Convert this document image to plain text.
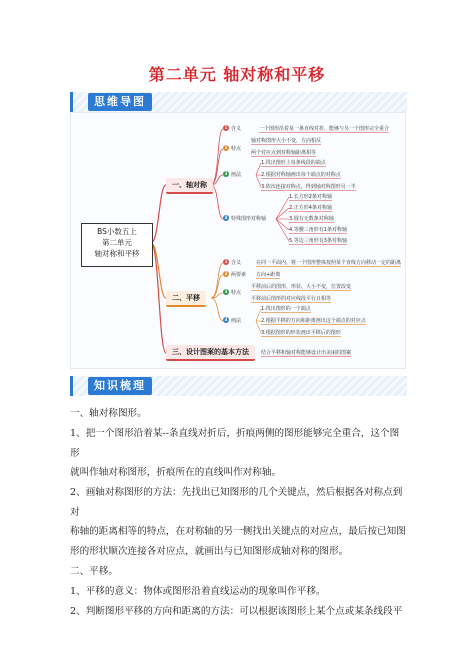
第二单元 轴对称和平移
思维导图
BS小数五上
第二单元
轴对称和平移
一、轴对称
1 含义	一个图形沿着某一条直线对折，能够与另一个图形完全重合
2 特点
轴对称图形大小不变，方向相反
两个对应点到对称轴距离相等
3 画法
1.找出图形上每条线段的端点
2.根据对称轴画出每个端点的对称点
3.依次连接对称点，得到轴对称图形另一半
4 特殊图形对称轴
1.长方形2条对称轴
2.正方形4条对称轴
3.圆有无数条对称轴
4.等腰三角形有1条对称轴
5.等边三角形有3条对称轴
二、平移
1 含义	在同一平面内，将一个图形整体按照某个直线方向移动一定的距离
2 两要素 方向+距离
3 特点
平移前后的图形，形状、大小不变，位置改变
平移前后图形的对应线段平行且相等
4 画法
1.找出图形的一个端点
2.根据平移的方向和距离画出这个端点的对应点
3.根据图形的形状画出平移后的图形
三、设计图案的基本方法	结合平移和轴对称能够设计出美丽的图案
知识梳理
一、轴对称图形。
1、把一个图形沿着某--条直线对折后，折痕两侧的图形能够完全重合，这个图
形
就叫作轴对称图形，折痕所在的直线叫作对称轴。
2、画轴对称图形的方法：先找出已知图形的几个关键点，然后根据各对称点到
对
称轴的距离相等的特点，在对称轴的另一侧找出关键点的对应点，最后按已知图
形的形状顺次连接各对应点，就画出与已知图形成轴对称的图形。
二、平移。
1、平移的意义：物体或图形沿着直线运动的现象叫作平移。
2、判断图形平移的方向和距离的方法：可以根据该图形上某个点或某条线段平
